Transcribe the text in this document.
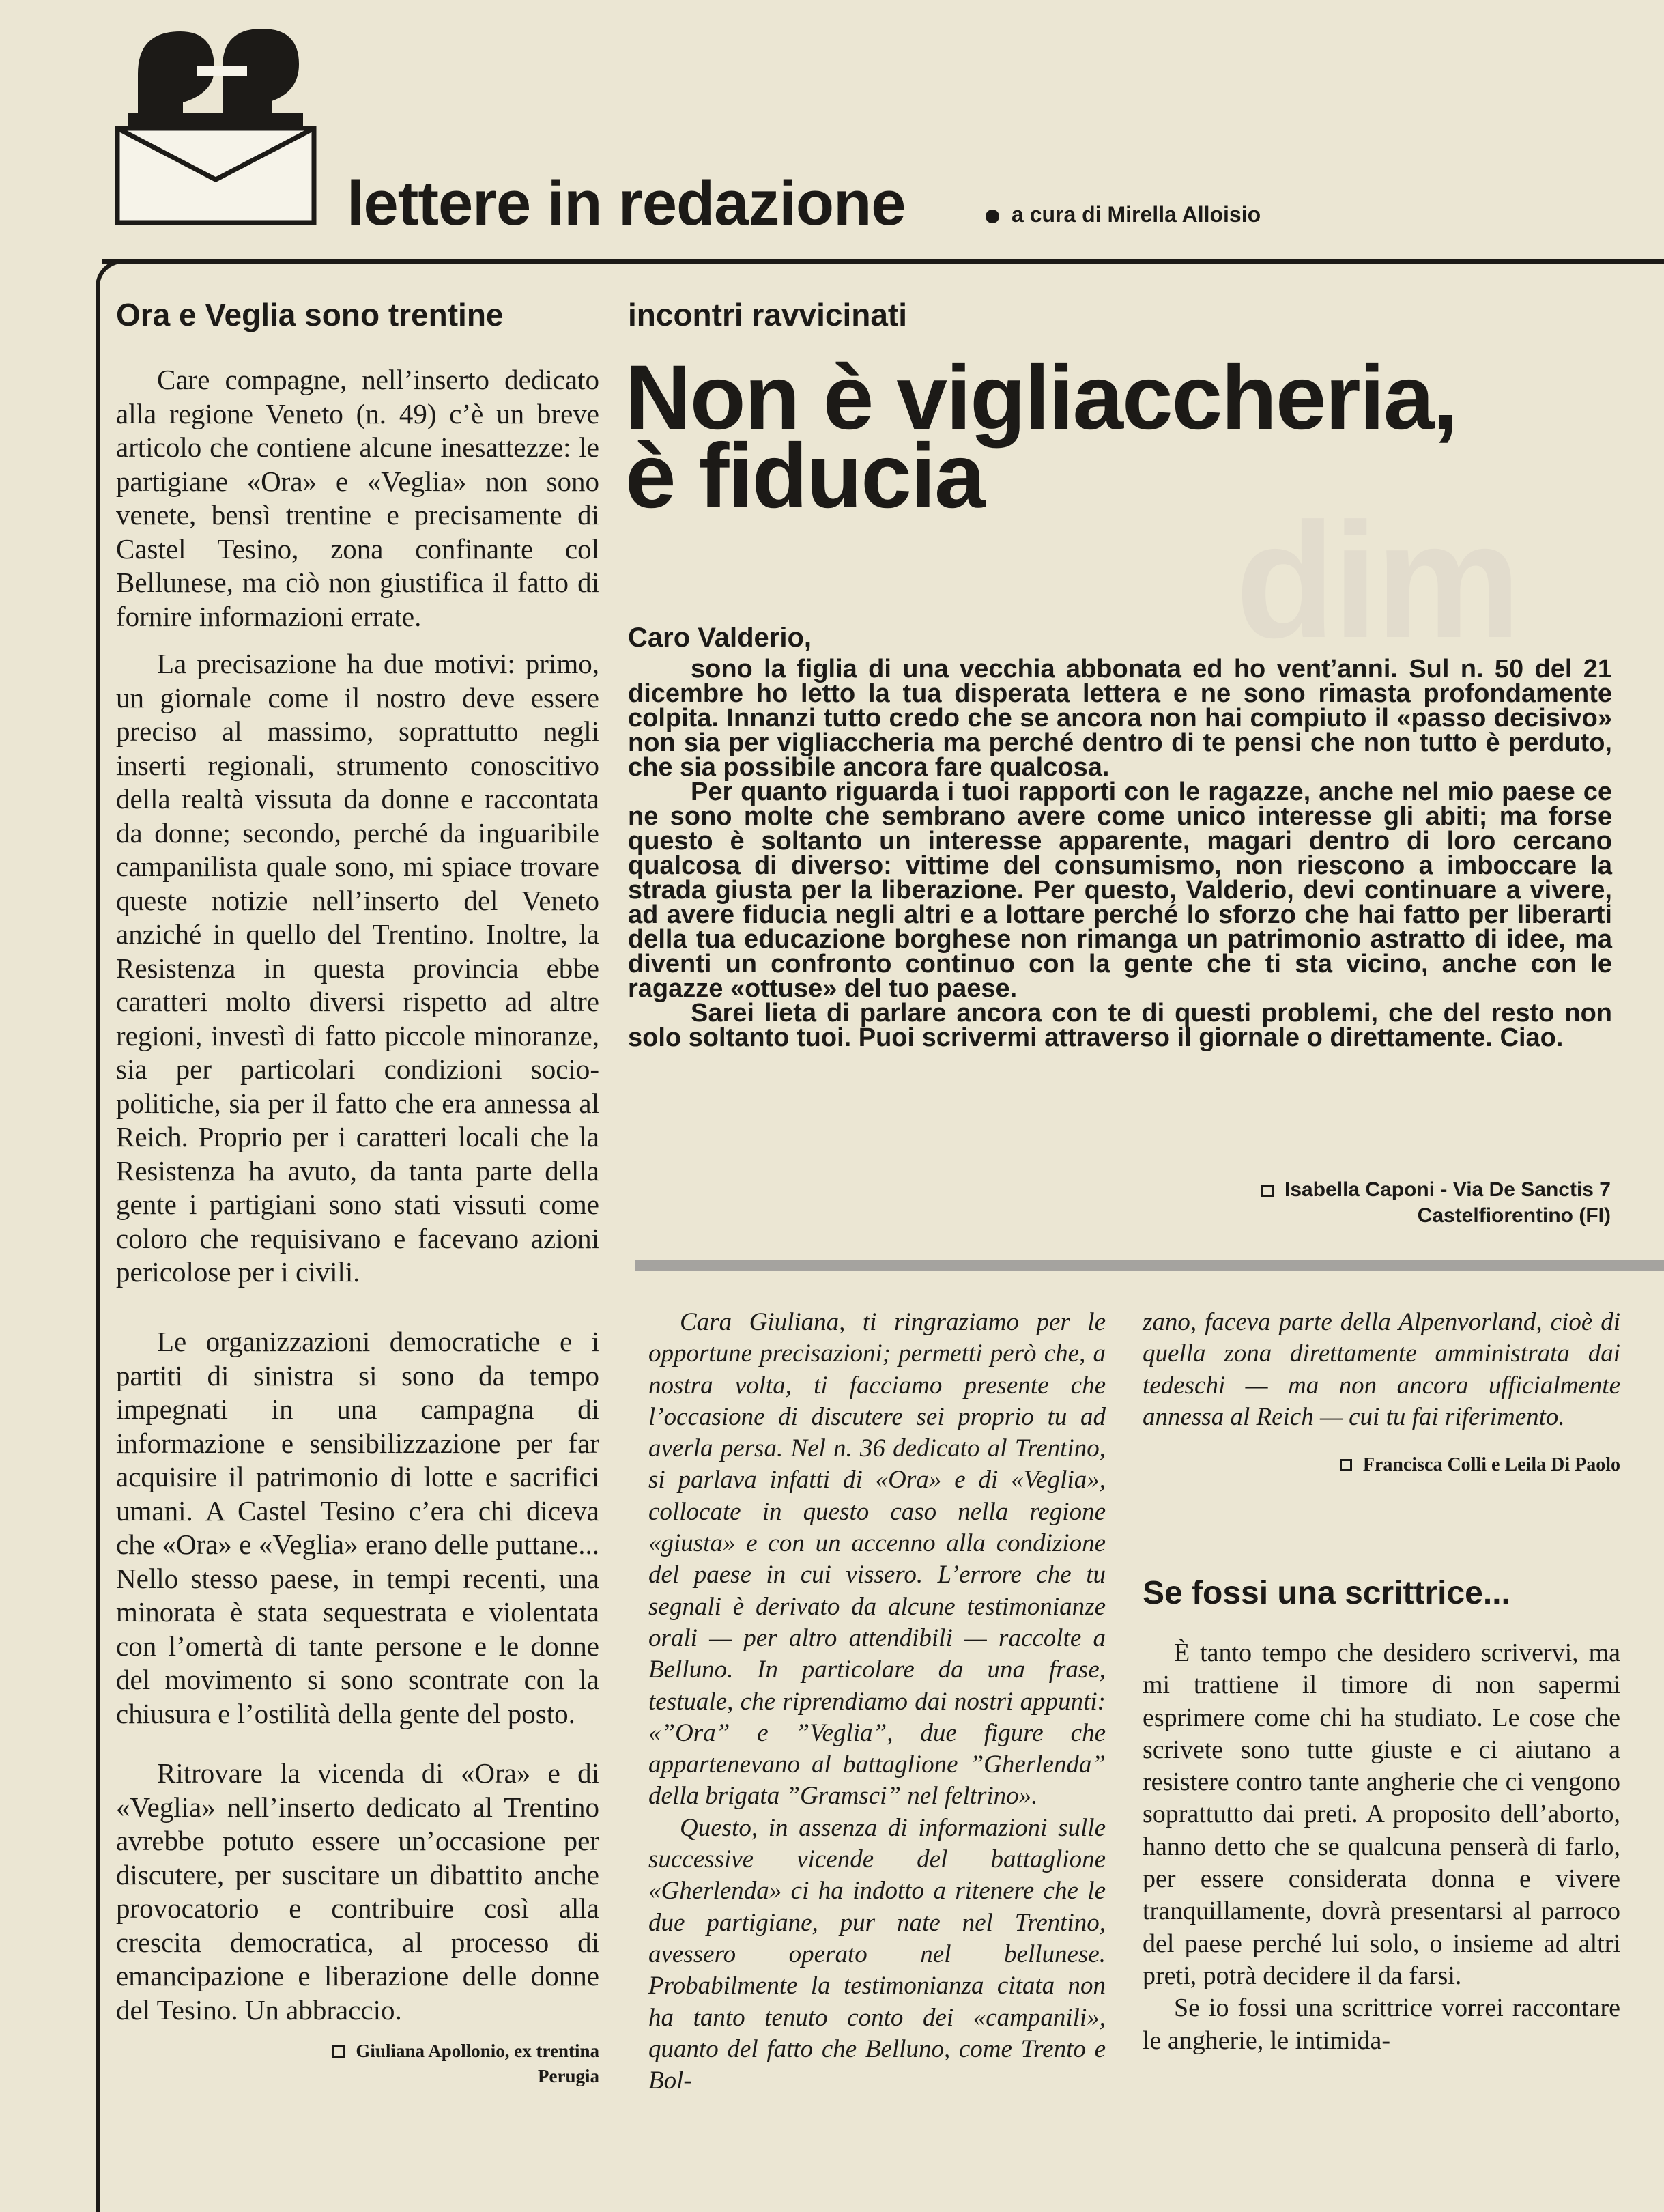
lettere in redazione	a cura di Mirella Alloisio
Ora e Veglia sono trentine

Care compagne, nell’inserto dedicato alla regione Veneto (n. 49) c’è un breve articolo che contiene alcune inesattezze: le partigiane «Ora» e «Veglia» non sono venete, bensì trentine e precisamente di Castel Tesino, zona confinante col Bellunese, ma ciò non giustifica il fatto di fornire informazioni errate.

La precisazione ha due motivi: primo, un giornale come il nostro deve essere preciso al massimo, soprattutto negli inserti regionali, strumento conoscitivo della realtà vissuta da donne e raccontata da donne; secondo, perché da inguaribile campanilista quale sono, mi spiace trovare queste notizie nell’inserto del Veneto anziché in quello del Trentino. Inoltre, la Resistenza in questa provincia ebbe caratteri molto diversi rispetto ad altre regioni, investì di fatto piccole minoranze, sia per particolari condizioni socio-politiche, sia per il fatto che era annessa al Reich. Proprio per i caratteri locali che la Resistenza ha avuto, da tanta parte della gente i partigiani sono stati vissuti come coloro che requisivano e facevano azioni pericolose per i civili.

Le organizzazioni democratiche e i partiti di sinistra si sono da tempo impegnati in una campagna di informazione e sensibilizzazione per far acquisire il patrimonio di lotte e sacrifici umani. A Castel Tesino c’era chi diceva che «Ora» e «Veglia» erano delle puttane... Nello stesso paese, in tempi recenti, una minorata è stata sequestrata e violentata con l’omertà di tante persone e le donne del movimento si sono scontrate con la chiusura e l’ostilità della gente del posto.

Ritrovare la vicenda di «Ora» e di «Veglia» nell’inserto dedicato al Trentino avrebbe potuto essere un’occasione per discutere, per suscitare un dibattito anche provocatorio e contribuire così alla crescita democratica, al processo di emancipazione e liberazione delle donne del Tesino. Un abbraccio.

Giuliana Apollonio, ex trentina
Perugia
incontri ravvicinati
dim
Non è vigliaccheria,
è fiducia
Caro Valderio,

sono la figlia di una vecchia abbonata ed ho vent’anni. Sul n. 50 del 21 dicembre ho letto la tua disperata lettera e ne sono rimasta profondamente colpita. Innanzi tutto credo che se ancora non hai compiuto il «passo decisivo» non sia per vigliaccheria ma perché dentro di te pensi che non tutto è perduto, che sia possibile ancora fare qualcosa.

Per quanto riguarda i tuoi rapporti con le ragazze, anche nel mio paese ce ne sono molte che sembrano avere come unico interesse gli abiti; ma forse questo è soltanto un interesse apparente, magari dentro di loro cercano qualcosa di diverso: vittime del consumismo, non riescono a imboccare la strada giusta per la liberazione. Per questo, Valderio, devi continuare a vivere, ad avere fiducia negli altri e a lottare perché lo sforzo che hai fatto per liberarti della tua educazione borghese non rimanga un patrimonio astratto di idee, ma diventi un confronto continuo con la gente che ti sta vicino, anche con le ragazze «ottuse» del tuo paese.

Sarei lieta di parlare ancora con te di questi problemi, che del resto non solo soltanto tuoi. Puoi scrivermi attraverso il giornale o direttamente. Ciao.

Isabella Caponi - Via De Sanctis 7
Castelfiorentino (FI)

Cara Giuliana, ti ringraziamo per le opportune precisazioni; permetti però che, a nostra volta, ti facciamo presente che l’occasione di discutere sei proprio tu ad averla persa. Nel n. 36 dedicato al Trentino, si parlava infatti di «Ora» e di «Veglia», collocate in questo caso nella regione «giusta» e con un accenno alla condizione del paese in cui vissero. L’errore che tu segnali è derivato da alcune testimonianze orali — per altro attendibili — raccolte a Belluno. In particolare da una frase, testuale, che riprendiamo dai nostri appunti: «”Ora” e ”Veglia”, due figure che appartenevano al battaglione ”Gherlenda” della brigata ”Gramsci” nel feltrino».

Questo, in assenza di informazioni sulle successive vicende del battaglione «Gherlenda» ci ha indotto a ritenere che le due partigiane, pur nate nel Trentino, avessero operato nel bellunese. Probabilmente la testimonianza citata non ha tanto tenuto conto dei «campanili», quanto del fatto che Belluno, come Trento e Bol-

zano, faceva parte della Alpenvorland, cioè di quella zona direttamente amministrata dai tedeschi — ma non ancora ufficialmente annessa al Reich — cui tu fai riferimento.
Francisca Colli e Leila Di Paolo
Se fossi una scrittrice...

È tanto tempo che desidero scrivervi, ma mi trattiene il timore di non sapermi esprimere come chi ha studiato. Le cose che scrivete sono tutte giuste e ci aiutano a resistere contro tante angherie che ci vengono soprattutto dai preti. A proposito dell’aborto, hanno detto che se qualcuna penserà di farlo, per essere considerata donna e vivere tranquillamente, dovrà presentarsi al parroco del paese perché lui solo, o insieme ad altri preti, potrà decidere il da farsi.

Se io fossi una scrittrice vorrei raccontare le angherie, le intimida-
